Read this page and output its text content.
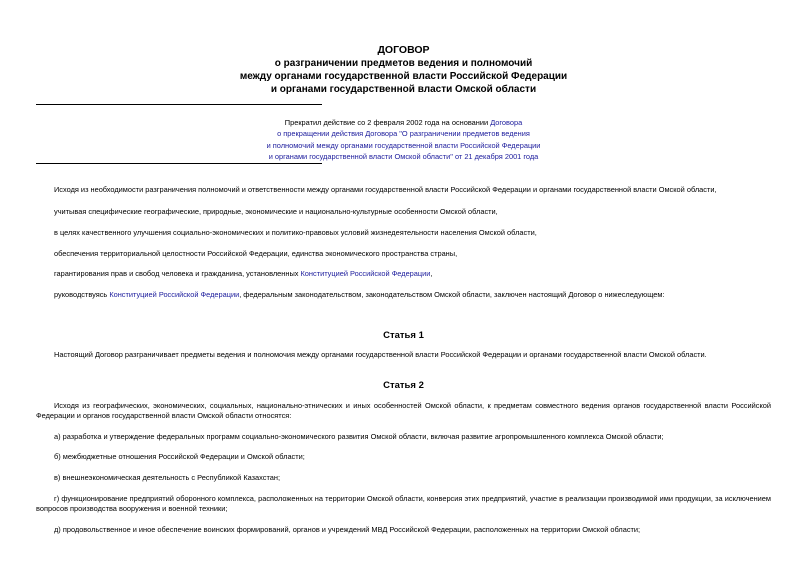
ДОГОВОР
о разграничении предметов ведения и полномочий
между органами государственной власти Российской Федерации
и органами государственной власти Омской области
Прекратил действие со 2 февраля 2002 года на основании Договора
о прекращении действия Договора "О разграничении предметов ведения
и полномочий между органами государственной власти Российской Федерации
и органами государственной власти Омской области" от 21 декабря 2001 года
Исходя из необходимости разграничения полномочий и ответственности между органами государственной власти Российской Федерации и органами государственной власти Омской области,
учитывая специфические географические, природные, экономические и национально-культурные особенности Омской области,
в целях качественного улучшения социально-экономических и политико-правовых условий жизнедеятельности населения Омской области,
обеспечения территориальной целостности Российской Федерации, единства экономического пространства страны,
гарантирования прав и свобод человека и гражданина, установленных Конституцией Российской Федерации,
руководствуясь Конституцией Российской Федерации, федеральным законодательством, законодательством Омской области, заключен настоящий Договор о нижеследующем:
Статья 1
Настоящий Договор разграничивает предметы ведения и полномочия между органами государственной власти Российской Федерации и органами государственной власти Омской области.
Статья 2
Исходя из географических, экономических, социальных, национально-этнических и иных особенностей Омской области, к предметам совместного ведения органов государственной власти Российской Федерации и органов государственной власти Омской области относятся:
а) разработка и утверждение федеральных программ социально-экономического развития Омской области, включая развитие агропромышленного комплекса Омской области;
б) межбюджетные отношения Российской Федерации и Омской области;
в) внешнеэкономическая деятельность с Республикой Казахстан;
г) функционирование предприятий оборонного комплекса, расположенных на территории Омской области, конверсия этих предприятий, участие в реализации производимой ими продукции, за исключением вопросов производства вооружения и военной техники;
д) продовольственное и иное обеспечение воинских формирований, органов и учреждений МВД Российской Федерации, расположенных на территории Омской области;
